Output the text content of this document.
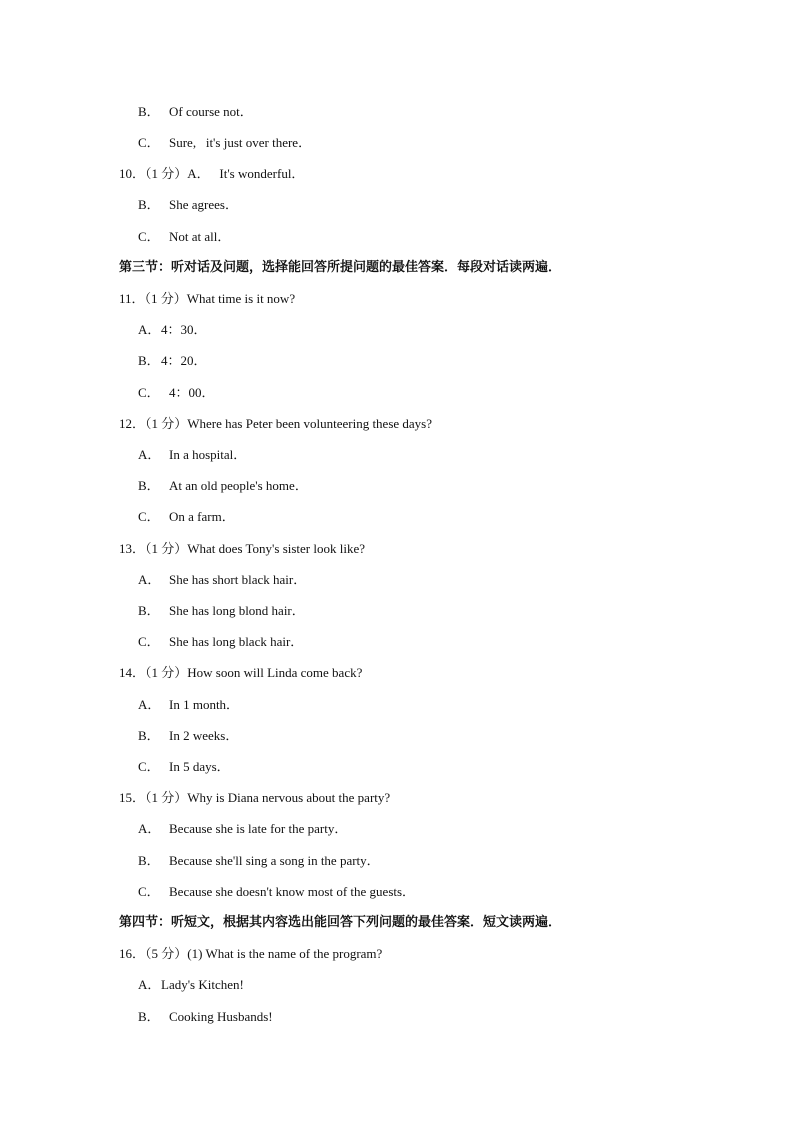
B． Of course not．
C． Sure,   it's just over there．
10．（1 分）A．   It's wonderful．
B． She agrees．
C． Not at all．
第三节：听对话及问题，选择能回答所提问题的最佳答案．每段对话读两遍．
11．（1 分）What time is it now?
A．4：30．
B．4：20．
C． 4：00．
12．（1 分）Where has Peter been volunteering these days?
A． In a hospital．
B． At an old people's home．
C． On a farm．
13．（1 分）What does Tony's sister look like?
A． She has short black hair．
B． She has long blond hair．
C． She has long black hair．
14．（1 分）How soon will Linda come back?
A． In 1 month．
B． In 2 weeks．
C． In 5 days．
15．（1 分）Why is Diana nervous about the party?
A． Because she is late for the party．
B． Because she'll sing a song in the party．
C． Because she doesn't know most of the guests．
第四节：听短文，根据其内容选出能回答下列问题的最佳答案．短文读两遍．
16．（5 分）(1) What is the name of the program?
A．Lady's Kitchen!
B． Cooking Husbands!
